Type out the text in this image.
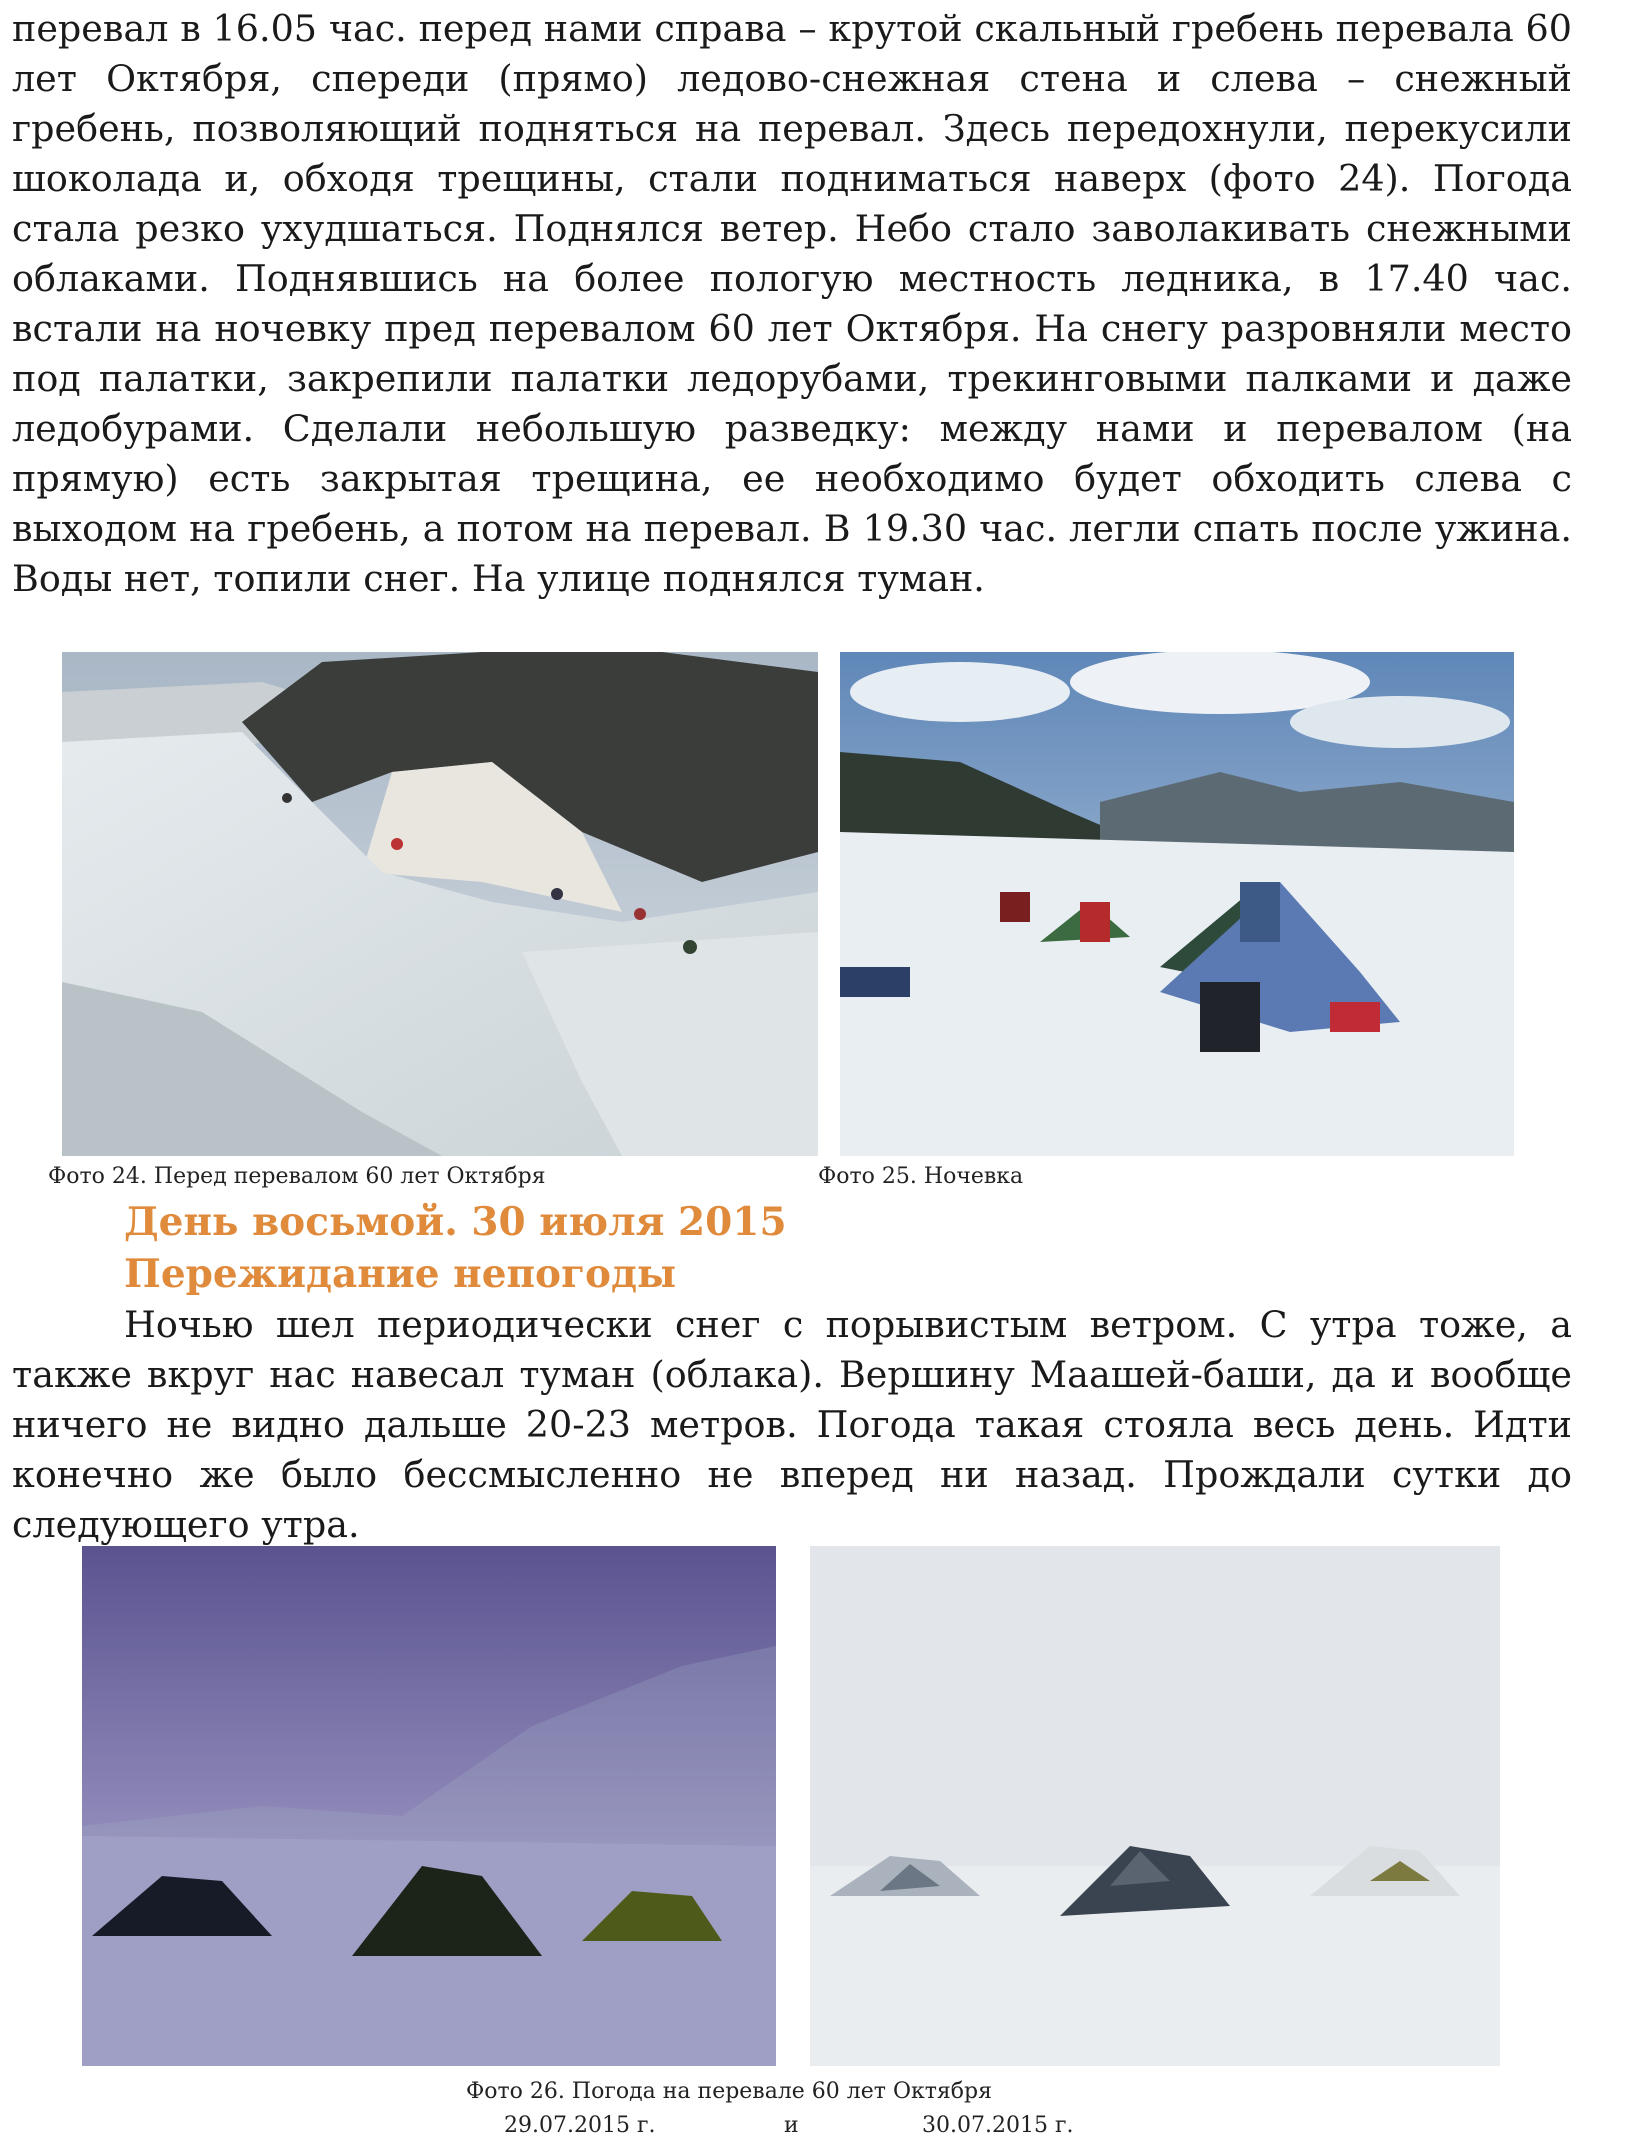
перевал в 16.05 час. перед нами справа – крутой скальный гребень перевала 60 лет Октября, спереди (прямо) ледово-снежная стена и слева – снежный гребень, позволяющий подняться на перевал. Здесь передохнули, перекусили шоколада и, обходя трещины, стали подниматься наверх (фото 24). Погода стала резко ухудшаться. Поднялся ветер. Небо стало заволакивать снежными облаками. Поднявшись на более пологую местность ледника, в 17.40 час. встали на ночевку пред перевалом 60 лет Октября. На снегу разровняли место под палатки, закрепили палатки ледорубами, трекинговыми палками и даже ледобурами. Сделали небольшую разведку: между нами и перевалом (на прямую) есть закрытая трещина, ее необходимо будет обходить слева с выходом на гребень, а потом на перевал. В 19.30 час. легли спать после ужина. Воды нет, топили снег. На улице поднялся туман.

Фото 24. Перед перевалом 60 лет Октября	Фото 25. Ночевка
День восьмой. 30 июля 2015
Пережидание непогоды

Ночью шел периодически снег с порывистым ветром. С утра тоже, а также вкруг нас навесал туман (облака). Вершину Маашей-баши, да и вообще ничего не видно дальше 20-23 метров. Погода такая стояла весь день. Идти конечно же было бессмысленно не вперед ни назад. Прождали сутки до следующего утра.

Фото 26. Погода на перевале 60 лет Октября
29.07.2015 г.	и	30.07.2015 г.
